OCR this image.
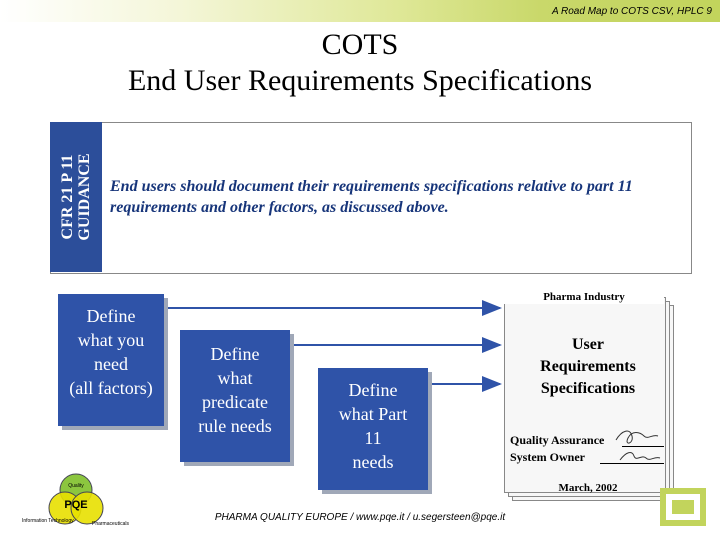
A Road Map to COTS CSV, HPLC 9
COTS
End User Requirements Specifications
CFR 21 P 11 GUIDANCE End users should document their requirements specifications relative to part 11 requirements and other factors, as discussed above.
Define
what you
need
(all factors)
Define
what
predicate
rule needs
Define
what Part
11
needs
Pharma Industry
User
Requirements
Specifications
Quality Assurance
System Owner
March, 2002
Quality
PQE
Information Technology	Pharmaceuticals
PHARMA QUALITY EUROPE / www.pqe.it / u.segersteen@pqe.it
